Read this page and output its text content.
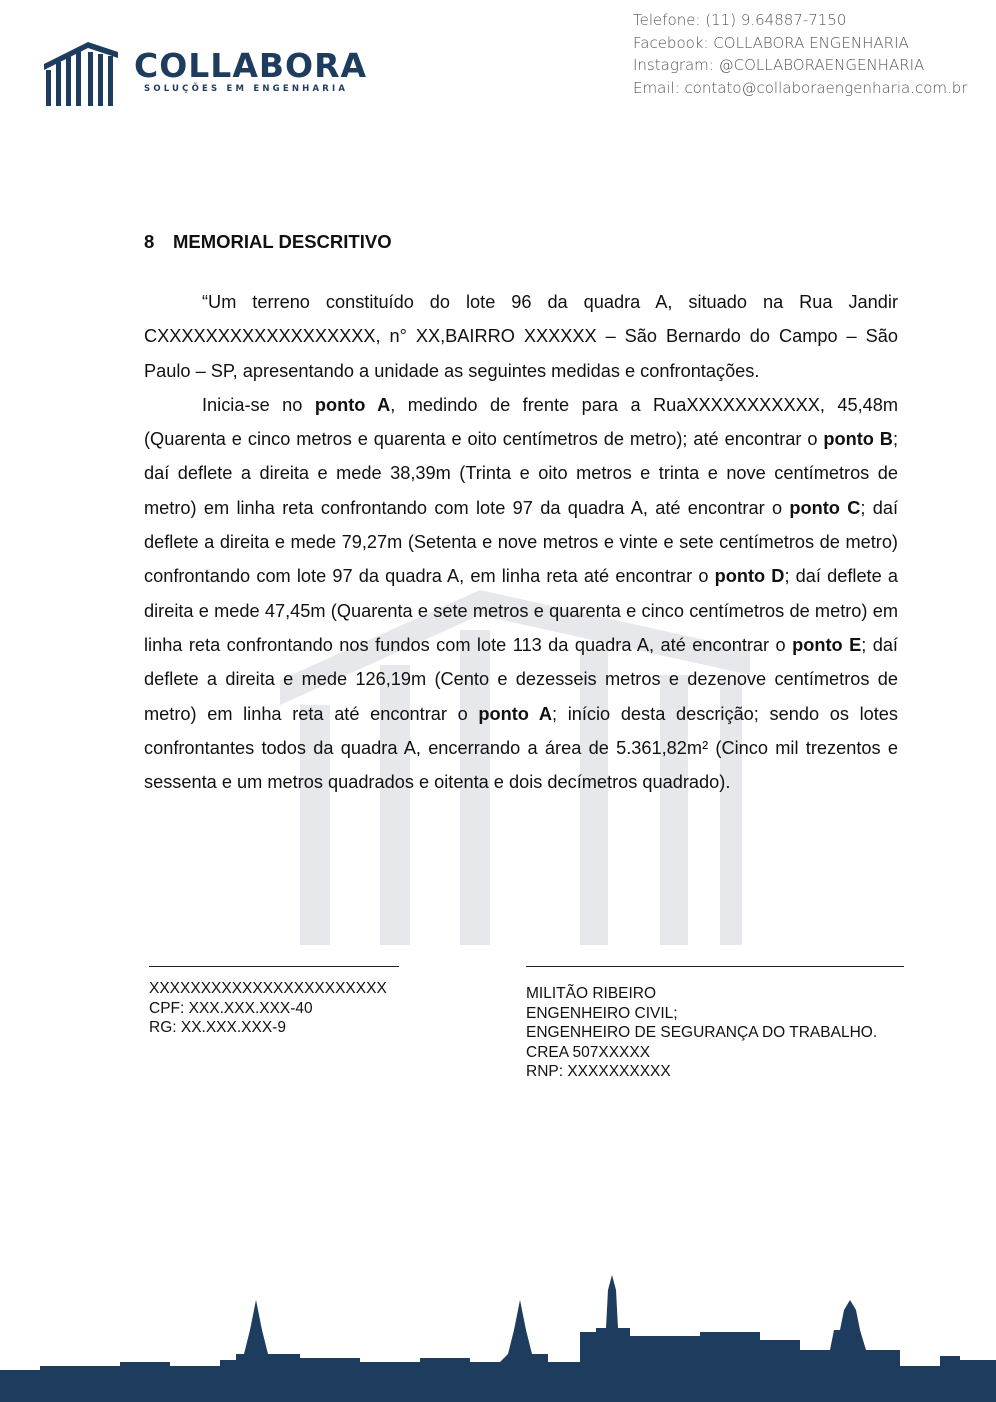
COLLABORA
SOLUÇÕES EM ENGENHARIA
Telefone: (11) 9.64887-7150
Facebook: COLLABORA ENGENHARIA
Instagram: @COLLABORAENGENHARIA
Email: contato@collaboraengenharia.com.br
8 MEMORIAL DESCRITIVO

“Um terreno constituído do lote 96 da quadra A, situado na Rua Jandir CXXXXXXXXXXXXXXXXXX, n° XX,BAIRRO XXXXXX – São Bernardo do Campo – São Paulo – SP, apresentando a unidade as seguintes medidas e confrontações.

Inicia-se no ponto A, medindo de frente para a RuaXXXXXXXXXXX, 45,48m (Quarenta e cinco metros e quarenta e oito centímetros de metro); até encontrar o ponto B; daí deflete a direita e mede 38,39m (Trinta e oito metros e trinta e nove centímetros de metro) em linha reta confrontando com lote 97 da quadra A, até encontrar o ponto C; daí deflete a direita e mede 79,27m (Setenta e nove metros e vinte e sete centímetros de metro) confrontando com lote 97 da quadra A, em linha reta até encontrar o ponto D; daí deflete a direita e mede 47,45m (Quarenta e sete metros e quarenta e cinco centímetros de metro) em linha reta confrontando nos fundos com lote 113 da quadra A, até encontrar o ponto E; daí deflete a direita e mede 126,19m (Cento e dezesseis metros e dezenove centímetros de metro) em linha reta até encontrar o ponto A; início desta descrição; sendo os lotes confrontantes todos da quadra A, encerrando a área de 5.361,82m² (Cinco mil trezentos e sessenta e um metros quadrados e oitenta e dois decímetros quadrado).

XXXXXXXXXXXXXXXXXXXXXXX
CPF: XXX.XXX.XXX-40
RG: XX.XXX.XXX-9
MILITÃO RIBEIRO
ENGENHEIRO CIVIL;
ENGENHEIRO DE SEGURANÇA DO TRABALHO.
CREA 507XXXXX
RNP: XXXXXXXXXX
